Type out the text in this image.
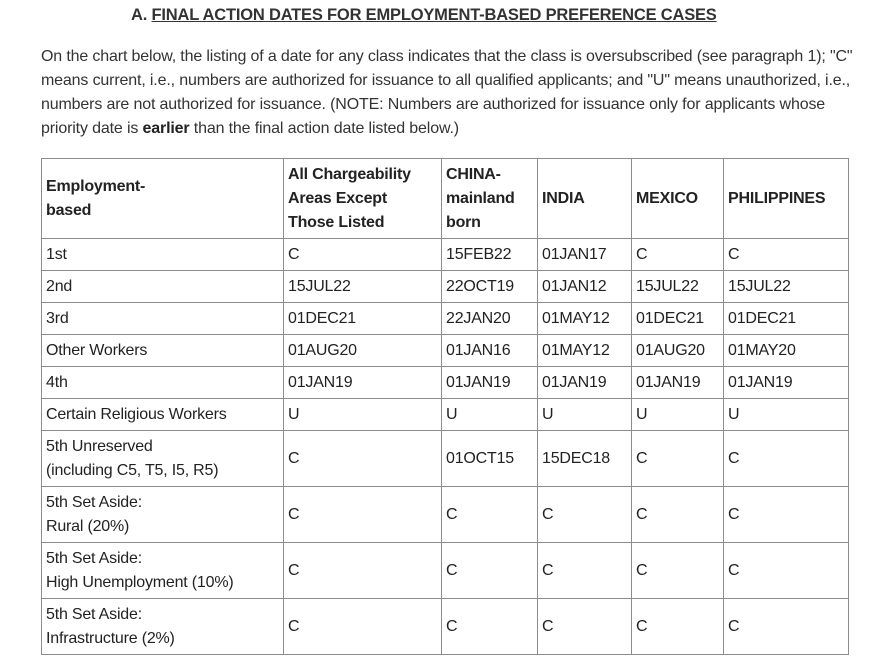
A. FINAL ACTION DATES FOR EMPLOYMENT-BASED PREFERENCE CASES
On the chart below, the listing of a date for any class indicates that the class is oversubscribed (see paragraph 1); "C" means current, i.e., numbers are authorized for issuance to all qualified applicants; and "U" means unauthorized, i.e., numbers are not authorized for issuance. (NOTE: Numbers are authorized for issuance only for applicants whose priority date is earlier than the final action date listed below.)
Employment-
based	All Chargeability
Areas Except
Those Listed	CHINA-
mainland
born	INDIA	MEXICO	PHILIPPINES
1st	C	15FEB22	01JAN17	C	C
2nd	15JUL22	22OCT19	01JAN12	15JUL22	15JUL22
3rd	01DEC21	22JAN20	01MAY12	01DEC21	01DEC21
Other Workers	01AUG20	01JAN16	01MAY12	01AUG20	01MAY20
4th	01JAN19	01JAN19	01JAN19	01JAN19	01JAN19
Certain Religious Workers	U	U	U	U	U
5th Unreserved
(including C5, T5, I5, R5)	C	01OCT15	15DEC18	C	C
5th Set Aside:
Rural (20%)	C	C	C	C	C
5th Set Aside:
High Unemployment (10%)	C	C	C	C	C
5th Set Aside:
Infrastructure (2%)	C	C	C	C	C
